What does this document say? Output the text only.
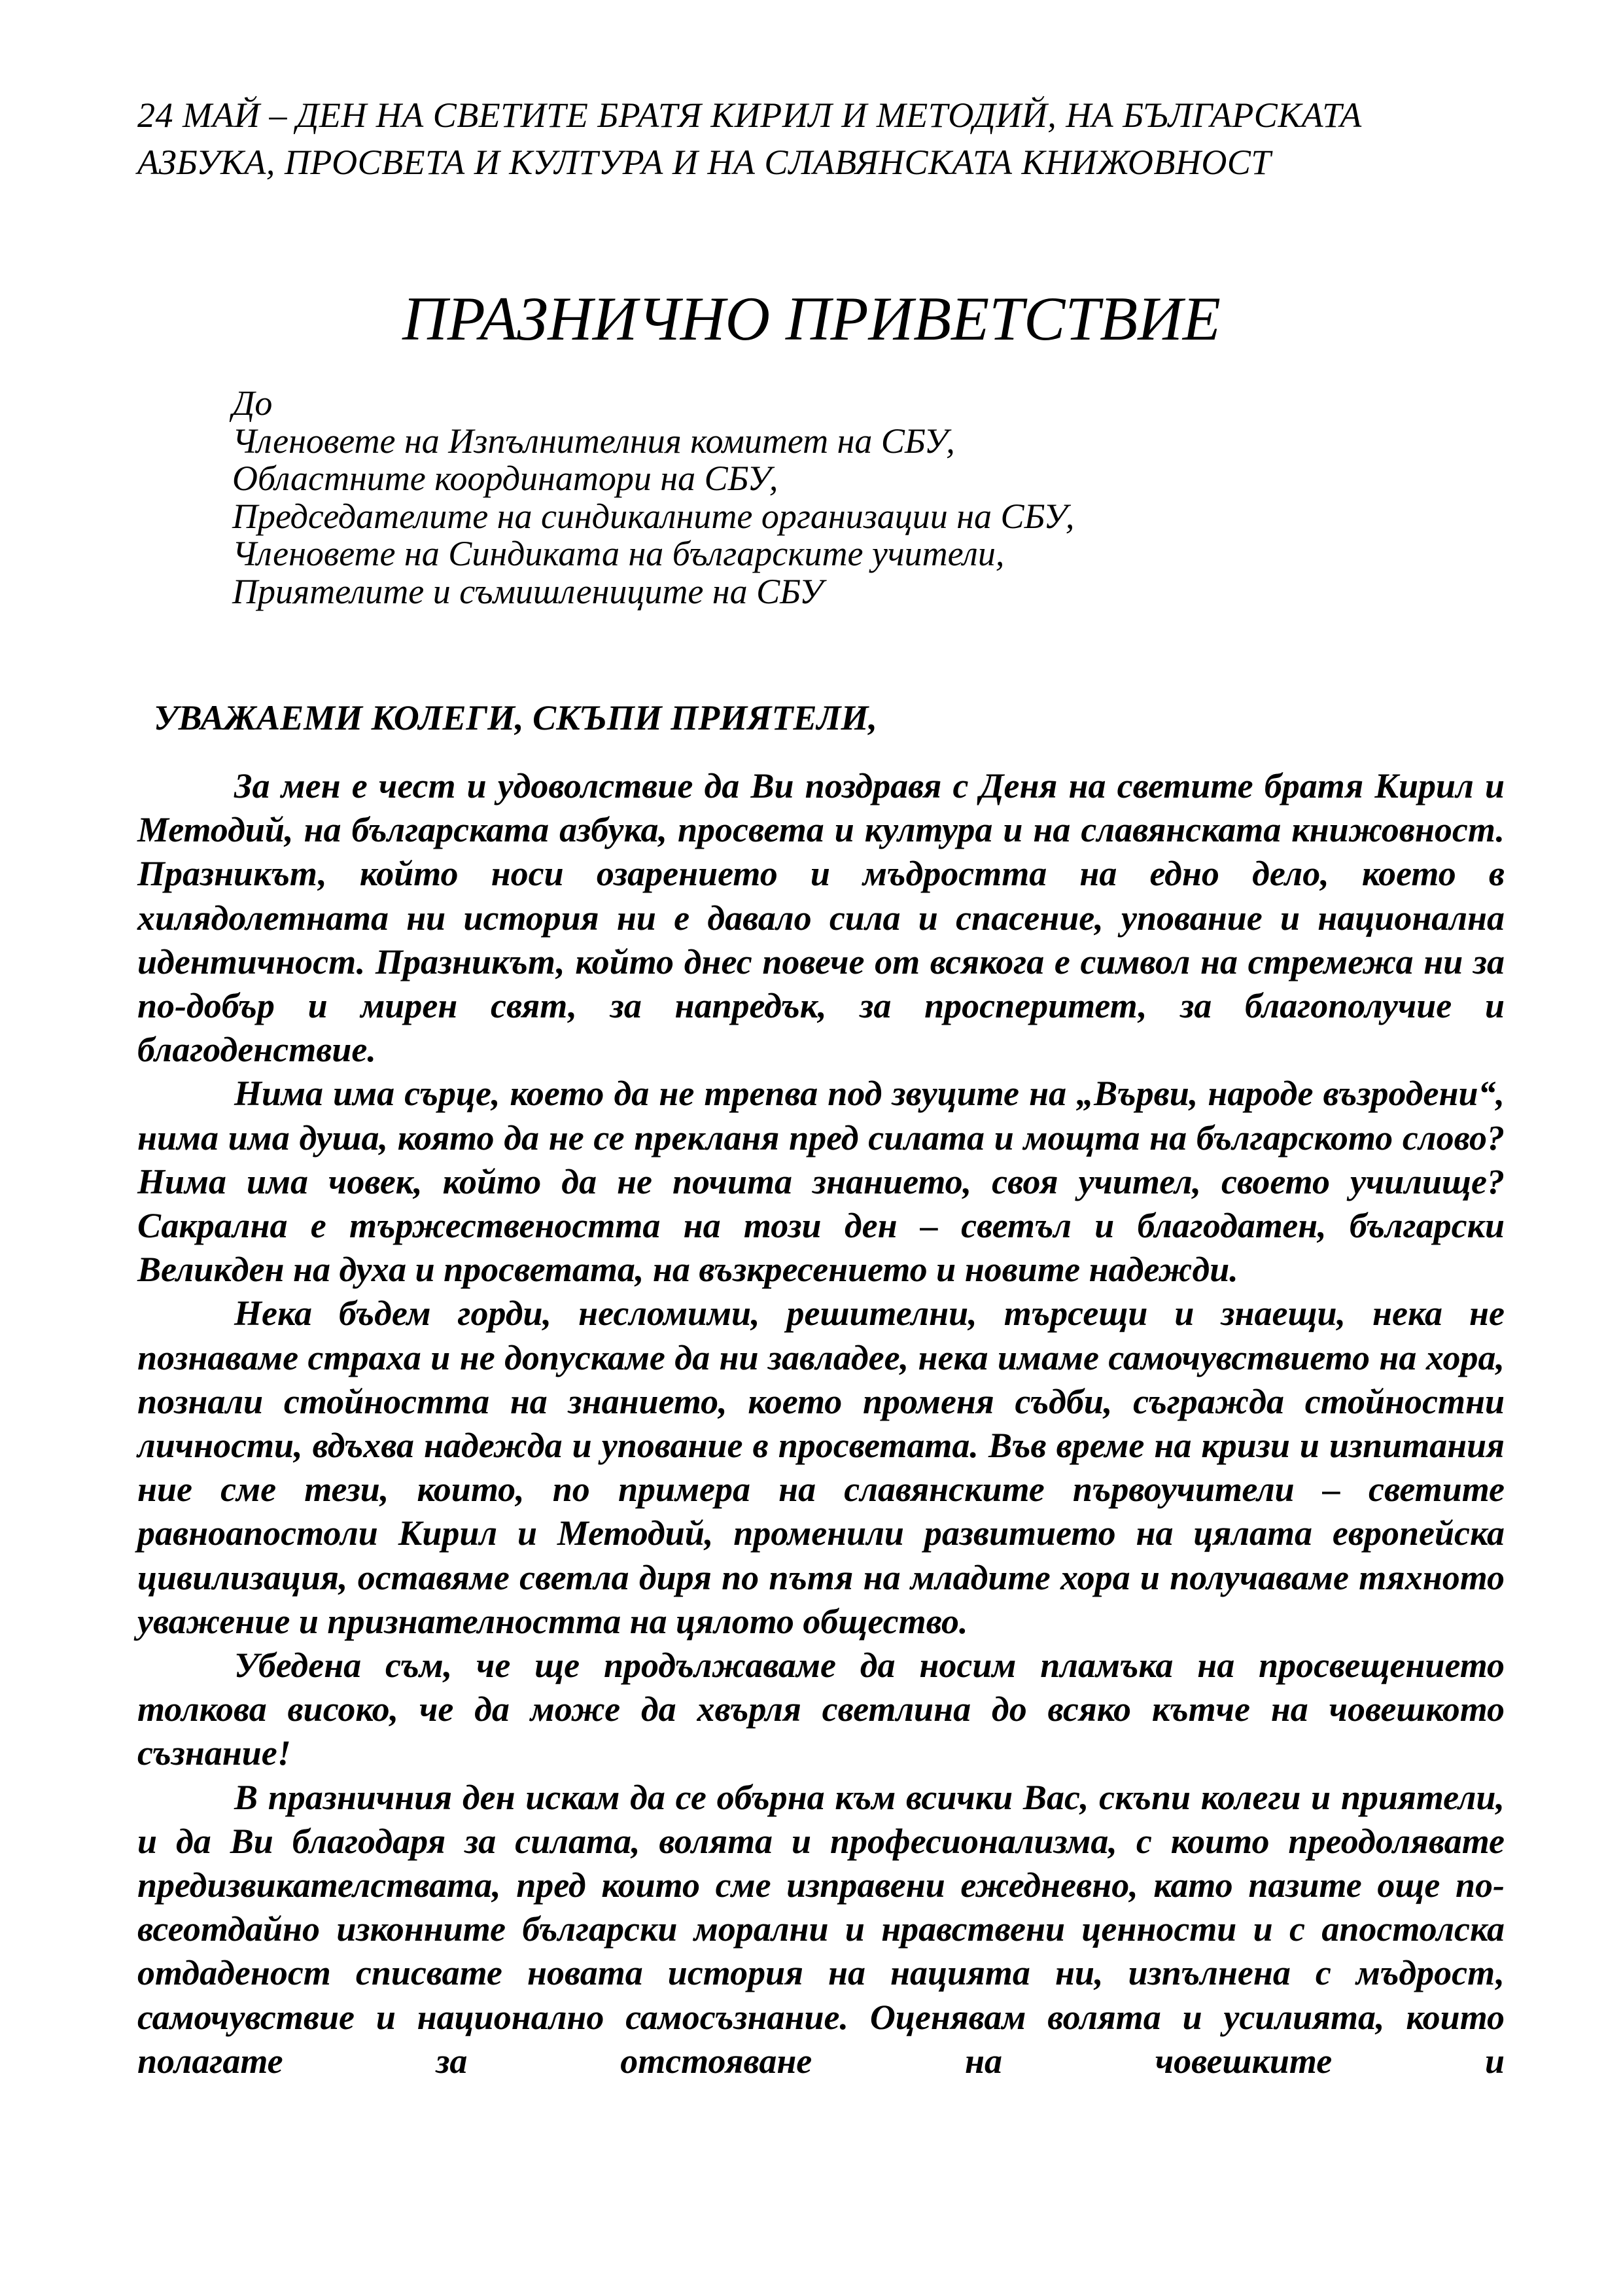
24 МАЙ – ДЕН НА СВЕТИТЕ БРАТЯ КИРИЛ И МЕТОДИЙ, НА БЪЛГАРСКАТА
АЗБУКА, ПРОСВЕТА И КУЛТУРА И НА СЛАВЯНСКАТА КНИЖОВНОСТ
ПРАЗНИЧНО ПРИВЕТСТВИЕ
До
Членовете на Изпълнителния комитет на СБУ,
Областните координатори на СБУ,
Председателите на синдикалните организации на СБУ,
Членовете на Синдиката на българските учители,
Приятелите и съмишлениците на СБУ
УВАЖАЕМИ КОЛЕГИ, СКЪПИ ПРИЯТЕЛИ,

За мен е чест и удоволствие да Ви поздравя с Деня на светите братя Кирил и Методий, на българската азбука, просвета и култура и на славянската книжовност. Празникът, който носи озарението и мъдростта на едно дело, което в хилядолетната ни история ни е давало сила и спасение, упование и национална идентичност. Празникът, който днес повече от всякога е символ на стремежа ни за по-добър и мирен свят, за напредък, за просперитет, за благополучие и благоденствие.

Нима има сърце, което да не трепва под звуците на „Върви, народе възродени“, нима има душа, която да не се прекланя пред силата и мощта на българското слово? Нима има човек, който да не почита знанието, своя учител, своето училище? Сакрална е тържествеността на този ден – светъл и благодатен, български Великден на духа и просветата, на възкресението и новите надежди.

Нека бъдем горди, несломими, решителни, търсещи и знаещи, нека не познаваме страха и не допускаме да ни завладее, нека имаме самочувствието на хора, познали стойността на знанието, което променя съдби, съгражда стойностни личности, вдъхва надежда и упование в просветата. Във време на кризи и изпитания ние сме тези, които, по примера на славянските първоучители – светите равноапостоли Кирил и Методий, променили развитието на цялата европейска цивилизация, оставяме светла диря по пътя на младите хора и получаваме тяхното уважение и признателността на цялото общество.

Убедена съм, че ще продължаваме да носим пламъка на просвещението толкова високо, че да може да хвърля светлина до всяко кътче на човешкото съзнание!

В празничния ден искам да се обърна към всички Вас, скъпи колеги и приятели, и да Ви благодаря за силата, волята и професионализма, с които преодолявате предизвикателствата, пред които сме изправени ежедневно, като пазите още по-всеотдайно изконните български морални и нравствени ценности и с апостолска отдаденост списвате новата история на нацията ни, изпълнена с мъдрост, самочувствие и национално самосъзнание. Оценявам волята и усилията, които полагате за отстояване на човешките и
